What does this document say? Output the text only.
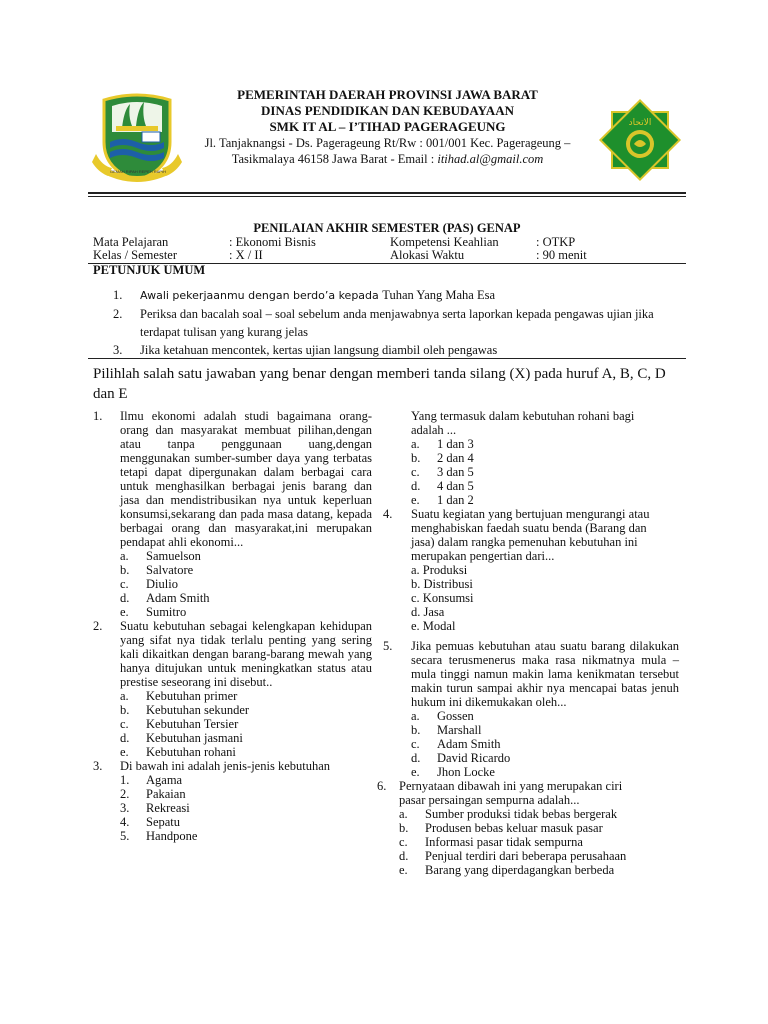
GEMAH RIPAH REPEH RAPIH
الاتحاد
PEMERINTAH DAERAH PROVINSI JAWA BARAT
DINAS PENDIDIKAN DAN KEBUDAYAAN
SMK IT AL – I’TIHAD PAGERAGEUNG
Jl. Tanjaknangsi - Ds. Pagerageung Rt/Rw : 001/001 Kec. Pagerageung –
Tasikmalaya 46158 Jawa Barat - Email : itihad.al@gmail.com
PENILAIAN AKHIR SEMESTER (PAS) GENAP
Mata Pelajaran	: Ekonomi Bisnis	Kompetensi Keahlian	: OTKP
Kelas / Semester	: X / II	Alokasi Waktu	: 90 menit
PETUNJUK UMUM
1.	Awali pekerjaanmu dengan berdo’a kepada Tuhan Yang Maha Esa
2.	Periksa dan bacalah soal – soal sebelum anda menjawabnya serta laporkan kepada pengawas ujian jika terdapat tulisan yang kurang jelas
3.	Jika ketahuan mencontek, kertas ujian langsung diambil oleh pengawas
Pilihlah salah satu jawaban yang benar dengan memberi tanda silang (X) pada huruf A, B, C, D dan E
1.	Ilmu ekonomi adalah studi bagaimana orang-orang dan masyarakat membuat pilihan,dengan atau tanpa penggunaan uang,dengan menggunakan sumber-sumber daya yang terbatas tetapi dapat dipergunakan dalam berbagai cara untuk menghasilkan berbagai jenis barang dan jasa dan mendistribusikan nya untuk keperluan konsumsi,sekarang dan pada masa datang, kepada berbagai orang dan masyarakat,ini merupakan pendapat ahli ekonomi...
a.	Samuelson
b.	Salvatore
c.	Diulio
d.	Adam Smith
e.	Sumitro
2.	Suatu kebutuhan sebagai kelengkapan kehidupan yang sifat nya tidak terlalu penting yang sering kali dikaitkan dengan barang-barang mewah yang hanya ditujukan untuk meningkatkan status atau prestise seseorang ini disebut..
a.	Kebutuhan primer
b.	Kebutuhan sekunder
c.	Kebutuhan Tersier
d.	Kebutuhan jasmani
e.	Kebutuhan rohani
3.	Di bawah ini adalah jenis-jenis kebutuhan
1.	Agama
2.	Pakaian
3.	Rekreasi
4.	Sepatu
5.	Handpone
Yang termasuk dalam kebutuhan rohani bagi adalah ...
a.	1 dan 3
b.	2 dan 4
c.	3 dan 5
d.	4 dan 5
e.	1 dan 2
4.	Suatu kegiatan yang bertujuan mengurangi atau menghabiskan faedah suatu benda (Barang dan jasa) dalam rangka pemenuhan kebutuhan ini merupakan pengertian dari...
a. Produksi
b. Distribusi
c. Konsumsi
d. Jasa
e. Modal
5.	Jika pemuas kebutuhan atau suatu barang dilakukan secara terusmenerus maka rasa nikmatnya mula –mula tinggi namun makin lama kenikmatan tersebut makin turun sampai akhir nya mencapai batas jenuh hukum ini dikemukakan oleh...
a.	Gossen
b.	Marshall
c.	Adam Smith
d.	David Ricardo
e.	Jhon Locke
6.	Pernyataan dibawah ini yang merupakan ciri pasar persaingan sempurna adalah...
a.	Sumber produksi tidak bebas bergerak
b.	Produsen bebas keluar masuk pasar
c.	Informasi pasar tidak sempurna
d.	Penjual terdiri dari beberapa perusahaan
e.	Barang yang diperdagangkan berbeda
